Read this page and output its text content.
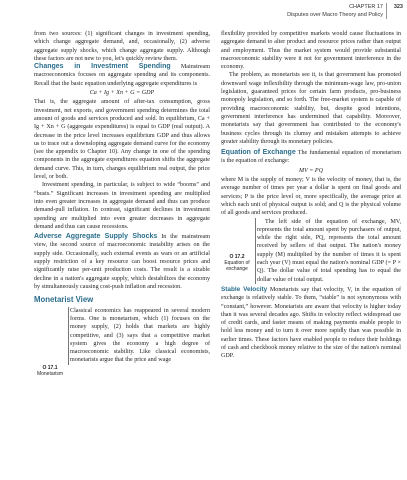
CHAPTER 17 323
Disputes over Macro Theory and Policy

from two sources: (1) significant changes in investment spending, which change aggregate demand, and, occasionally, (2) adverse aggregate supply shocks, which change aggregate supply. Although these factors are not new to you, let's quickly review them.

Changes in Investment Spending Mainstream macroeconomics focuses on aggregate spending and its components. Recall that the basic equation underlying aggregate expenditures is

Ca + Ig + Xn + G = GDP

That is, the aggregate amount of after-tax consumption, gross investment, net exports, and government spending determines the total amount of goods and services produced and sold. In equilibrium, Ca + Ig + Xn + G (aggregate expenditures) is equal to GDP (real output). A decrease in the price level increases equilibrium GDP and thus allows us to trace out a downsloping aggregate demand curve for the economy (see the appendix to Chapter 10). Any change in one of the spending components in the aggregate expenditures equation shifts the aggregate demand curve. This, in turn, changes equilibrium real output, the price level, or both.

Investment spending, in particular, is subject to wide “booms” and “busts.” Significant increases in investment spending are multiplied into even greater increases in aggregate demand and thus can produce demand-pull inflation. In contrast, significant declines in investment spending are multiplied into even greater decreases in aggregate demand and thus can cause recessions.

Adverse Aggregate Supply Shocks In the mainstream view, the second source of macroeconomic instability arises on the supply side. Occasionally, such external events as wars or an artificial supply restriction of a key resource can boost resource prices and significantly raise per-unit production costs. The result is a sizable decline in a nation's aggregate supply, which destabilizes the economy by simultaneously causing cost-push inflation and recession.

Monetarist View
O 17.1
Monetarism

Classical economics has reappeared in several modern forms. One is monetarism, which (1) focuses on the money supply, (2) holds that markets are highly competitive, and (3) says that a competitive market system gives the economy a high degree of macroeconomic stability. Like classical economists, monetarists argue that the price and wage

flexibility provided by competitive markets would cause fluctuations in aggregate demand to alter product and resource prices rather than output and employment. Thus the market system would provide substantial macroeconomic stability were it not for government interference in the economy.

The problem, as monetarists see it, is that government has promoted downward wage inflexibility through the minimum-wage law, pro-union legislation, guaranteed prices for certain farm products, pro-business monopoly legislation, and so forth. The free-market system is capable of providing macroeconomic stability, but, despite good intentions, government interference has undermined that capability. Moreover, monetarists say that government has contributed to the economy's business cycles through its clumsy and mistaken attempts to achieve greater stability through its monetary policies.

Equation of Exchange The fundamental equation of monetarism is the equation of exchange:

MV = PQ

where M is the supply of money; V is the velocity of money, that is, the average number of times per year a dollar is spent on final goods and services; P is the price level or, more specifically, the average price at which each unit of physical output is sold; and Q is the physical volume of all goods and services produced.

O 17.2
Equation of exchange

The left side of the equation of exchange, MV, represents the total amount spent by purchasers of output, while the right side, PQ, represents the total amount received by sellers of that output. The nation's money supply (M) multiplied by the number of times it is spent each year (V) must equal the nation's nominal GDP (= P × Q). The dollar value of total spending has to equal the dollar value of total output.

Stable Velocity Monetarists say that velocity, V, in the equation of exchange is relatively stable. To them, “stable” is not synonymous with “constant,” however. Monetarists are aware that velocity is higher today than it was several decades ago. Shifts in velocity reflect widespread use of credit cards, and faster means of making payments enable people to hold less money and to turn it over more rapidly than was possible in earlier times. These factors have enabled people to reduce their holdings of cash and checkbook money relative to the size of the nation's nominal GDP.
